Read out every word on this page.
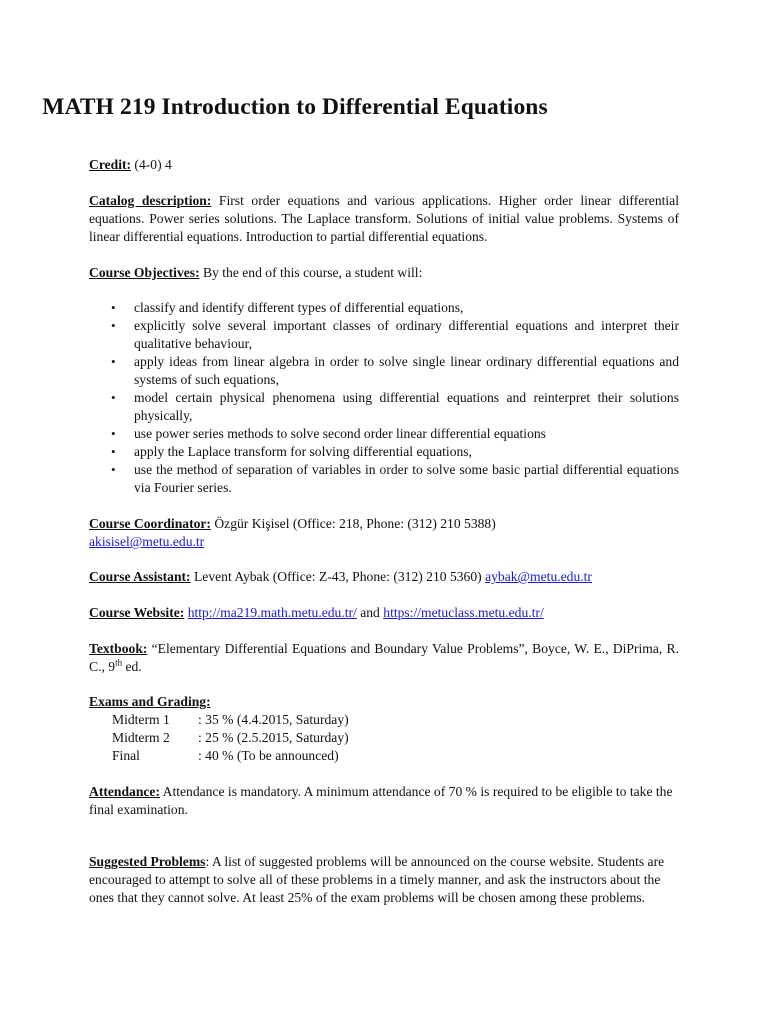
MATH 219 Introduction to Differential Equations
Credit: (4-0) 4
Catalog description: First order equations and various applications. Higher order linear differential equations. Power series solutions. The Laplace transform. Solutions of initial value problems. Systems of linear differential equations. Introduction to partial differential equations.
Course Objectives: By the end of this course, a student will:
• classify and identify different types of differential equations,
• explicitly solve several important classes of ordinary differential equations and interpret their qualitative behaviour,
• apply ideas from linear algebra in order to solve single linear ordinary differential equations and systems of such equations,
• model certain physical phenomena using differential equations and reinterpret their solutions physically,
• use power series methods to solve second order linear differential equations
• apply the Laplace transform for solving differential equations,
• use the method of separation of variables in order to solve some basic partial differential equations via Fourier series.
Course Coordinator: Özgür Kişisel (Office: 218, Phone: (312) 210 5388)
akisisel@metu.edu.tr
Course Assistant: Levent Aybak (Office: Z-43, Phone: (312) 210 5360) aybak@metu.edu.tr
Course Website: http://ma219.math.metu.edu.tr/ and https://metuclass.metu.edu.tr/
Textbook: “Elementary Differential Equations and Boundary Value Problems”, Boyce, W. E., DiPrima, R. C., 9th ed.
Exams and Grading:
Midterm 1 : 35 % (4.4.2015, Saturday)
Midterm 2 : 25 % (2.5.2015, Saturday)
Final	: 40 % (To be announced)
Attendance: Attendance is mandatory. A minimum attendance of 70 % is required to be eligible to take the final examination.
Suggested Problems: A list of suggested problems will be announced on the course website. Students are encouraged to attempt to solve all of these problems in a timely manner, and ask the instructors about the ones that they cannot solve. At least 25% of the exam problems will be chosen among these problems.
